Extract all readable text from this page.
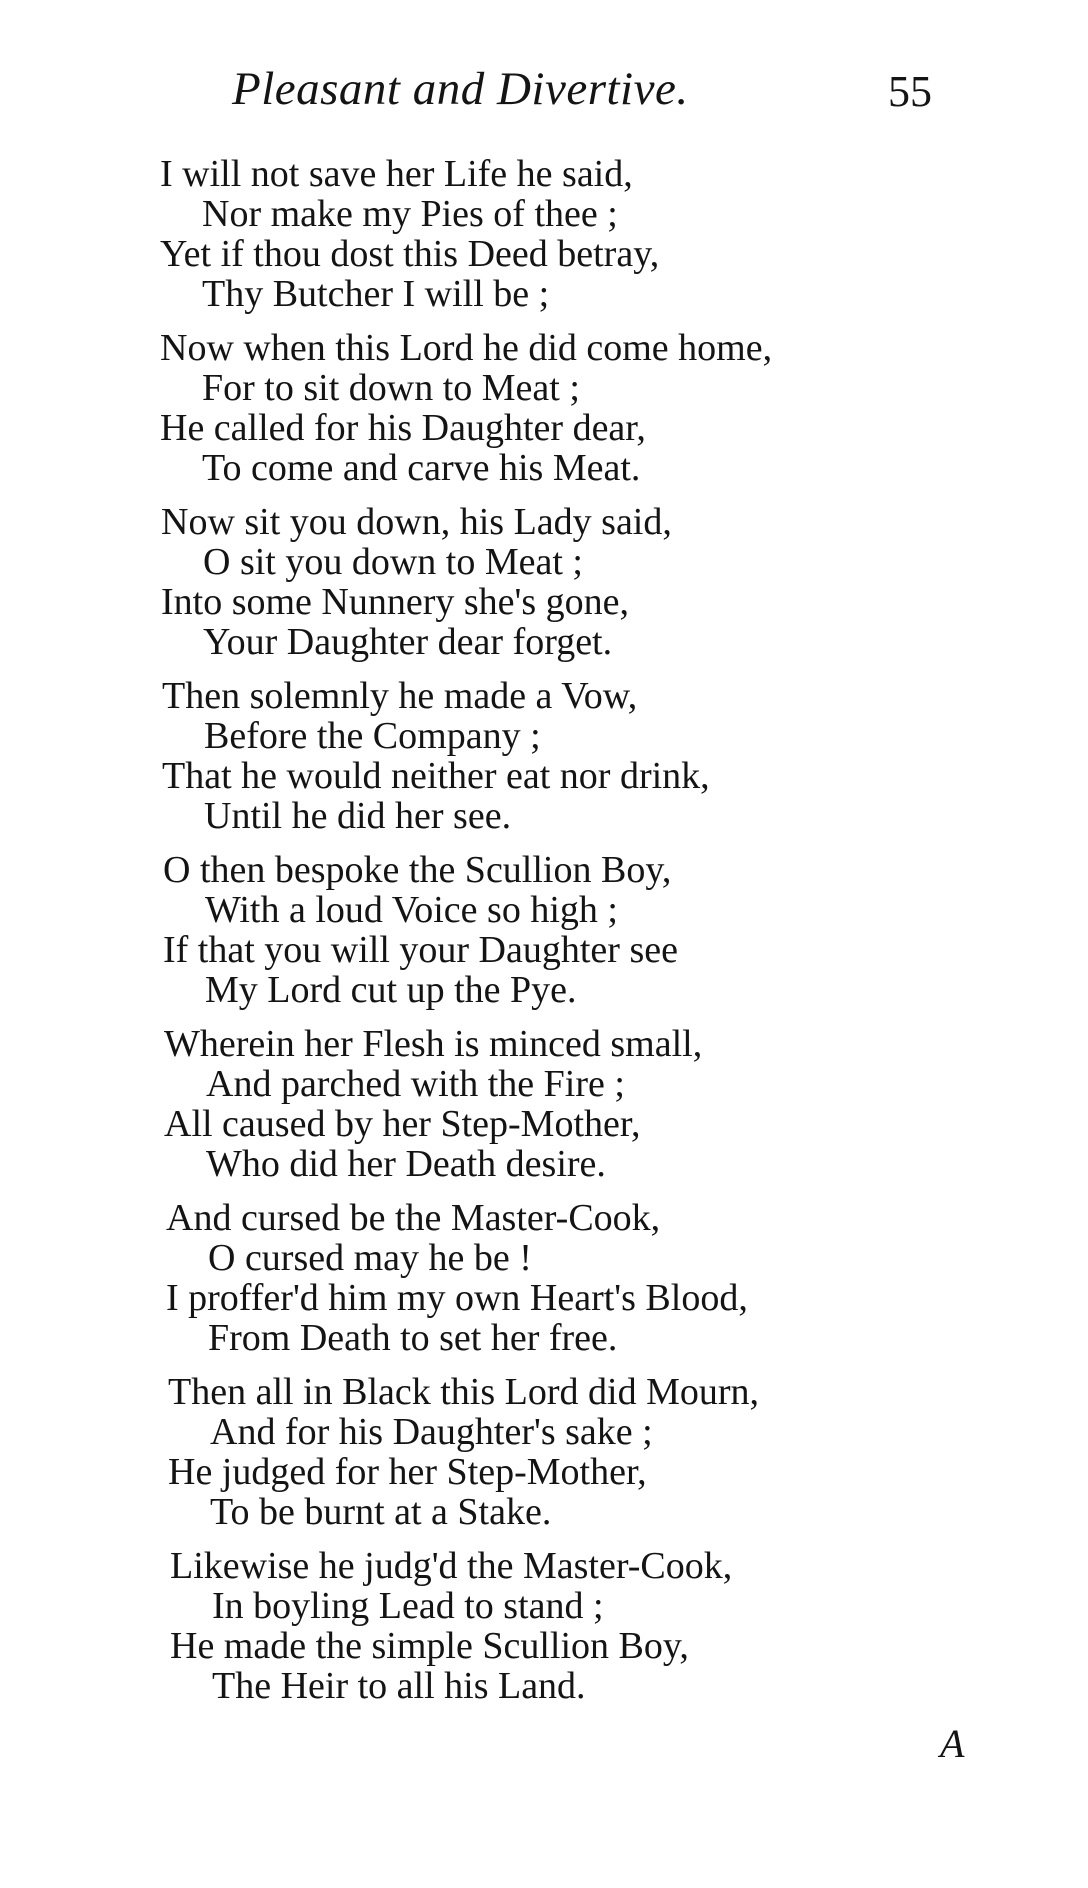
Pleasant and Divertive.	55
I will not save her Life he said,
Nor make my Pies of thee ;
Yet if thou dost this Deed betray,
Thy Butcher I will be ;
Now when this Lord he did come home,
For to sit down to Meat ;
He called for his Daughter dear,
To come and carve his Meat.
Now sit you down, his Lady said,
O sit you down to Meat ;
Into some Nunnery she's gone,
Your Daughter dear forget.
Then solemnly he made a Vow,
Before the Company ;
That he would neither eat nor drink,
Until he did her see.
O then bespoke the Scullion Boy,
With a loud Voice so high ;
If that you will your Daughter see
My Lord cut up the Pye.
Wherein her Flesh is minced small,
And parched with the Fire ;
All caused by her Step-Mother,
Who did her Death desire.
And cursed be the Master-Cook,
O cursed may he be !
I proffer'd him my own Heart's Blood,
From Death to set her free.
Then all in Black this Lord did Mourn,
And for his Daughter's sake ;
He judged for her Step-Mother,
To be burnt at a Stake.
Likewise he judg'd the Master-Cook,
In boyling Lead to stand ;
He made the simple Scullion Boy,
The Heir to all his Land.
A
